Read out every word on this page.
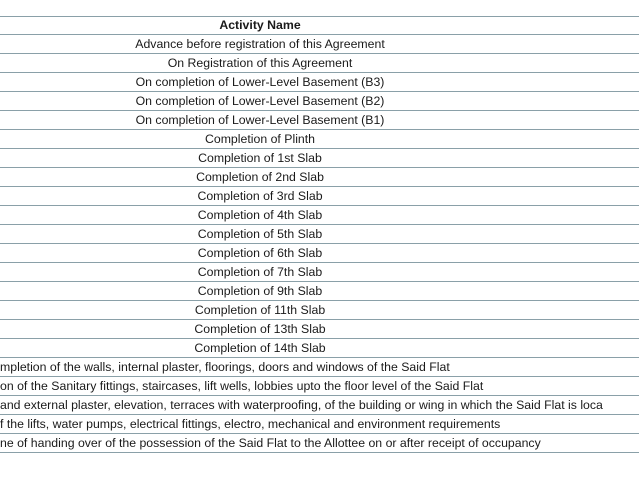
Activity Name
Advance before registration of this Agreement
On Registration of this Agreement
On completion of Lower-Level Basement (B3)
On completion of Lower-Level Basement (B2)
On completion of Lower-Level Basement (B1)
Completion of Plinth
Completion of 1st Slab
Completion of 2nd Slab
Completion of 3rd Slab
Completion of 4th Slab
Completion of 5th Slab
Completion of 6th Slab
Completion of 7th Slab
Completion of 9th Slab
Completion of 11th Slab
Completion of 13th Slab
Completion of 14th Slab
mpletion of the walls, internal plaster, floorings, doors and windows of the Said Flat
on of the Sanitary fittings, staircases, lift wells, lobbies upto the floor level of the Said Flat
and external plaster, elevation, terraces with waterproofing, of the building or wing in which the Said Flat is loca
f the lifts, water pumps, electrical fittings, electro, mechanical and environment requirements
ne of handing over of the possession of the Said Flat to the Allottee on or after receipt of occupancy
